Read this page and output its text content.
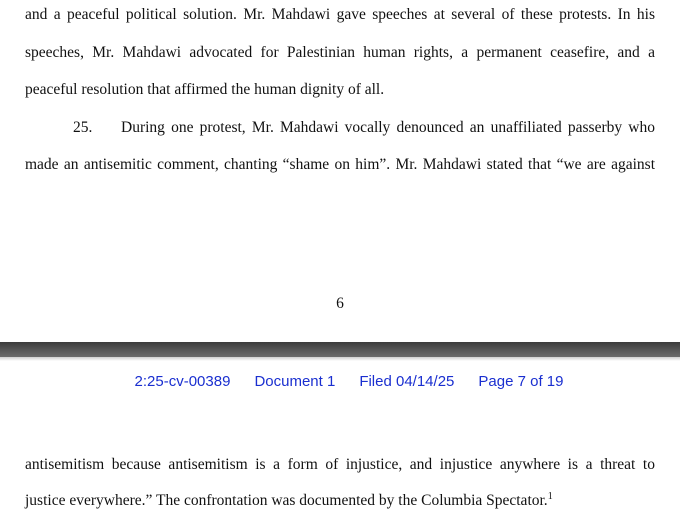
and a peaceful political solution. Mr. Mahdawi gave speeches at several of these protests. In his
speeches, Mr. Mahdawi advocated for Palestinian human rights, a permanent ceasefire, and a
peaceful resolution that affirmed the human dignity of all.
25.	During one protest, Mr. Mahdawi vocally denounced an unaffiliated passerby who
made an antisemitic comment, chanting “shame on him”. Mr. Mahdawi stated that “we are against
6
2:25-cv-00389 Document 1 Filed 04/14/25 Page 7 of 19
antisemitism because antisemitism is a form of injustice, and injustice anywhere is a threat to
justice everywhere.” The confrontation was documented by the Columbia Spectator.$^1$
